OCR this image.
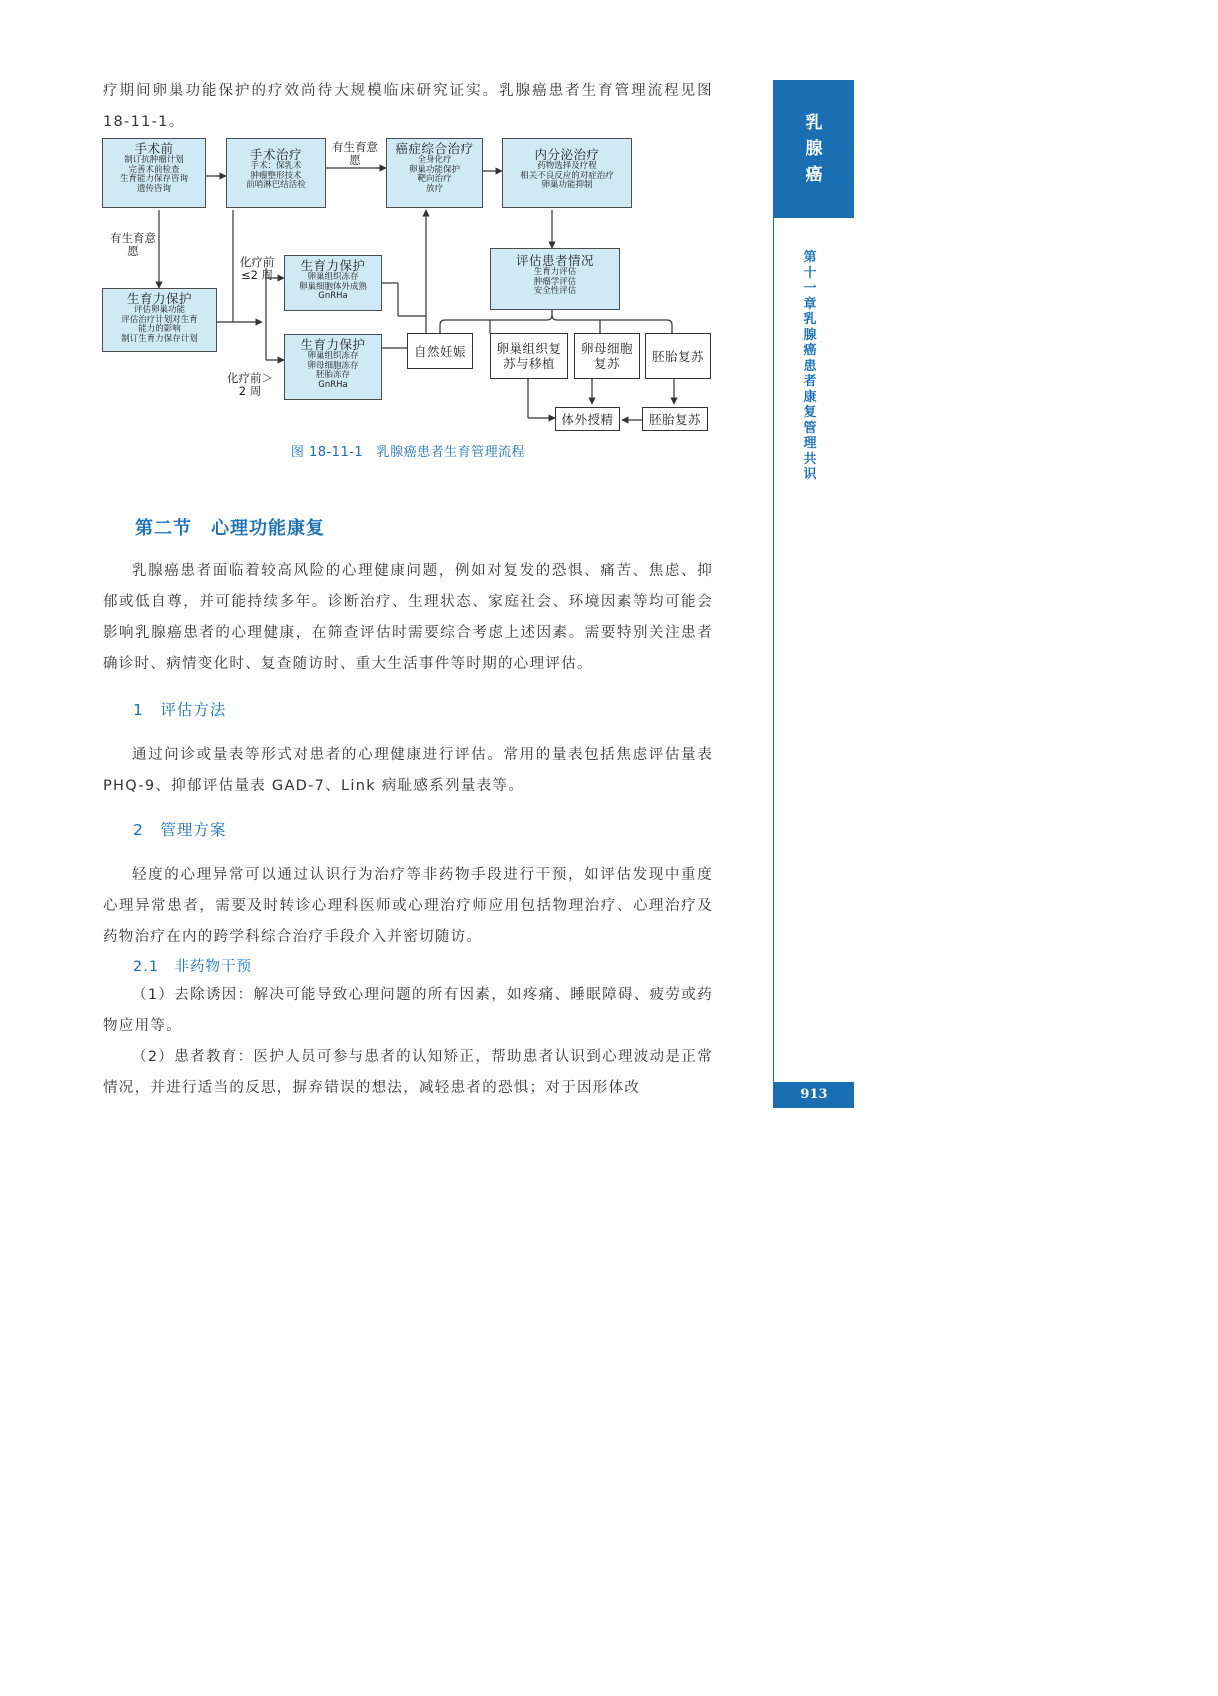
疗期间卵巢功能保护的疗效尚待大规模临床研究证实。乳腺癌患者生育管理流程见图 18-11-1。

手术前
制订抗肿瘤计划
完善术前检查
生育能力保存咨询
遗传咨询
手术治疗
手术：保乳术
肿瘤整形技术
前哨淋巴结活检
有生育意愿
癌症综合治疗
全身化疗
卵巢功能保护
靶向治疗
放疗
内分泌治疗
药物选择及疗程
相关不良反应的对症治疗
卵巢功能抑制
有生育意愿
生育力保护
评估卵巢功能
评估治疗计划对生育
能力的影响
制订生育力保存计划
化疗前≤2 周
生育力保护
卵巢组织冻存
卵巢细胞体外成熟
GnRHa
生育力保护
卵巢组织冻存
卵母细胞冻存
胚胎冻存
GnRHa
化疗前＞2 周
评估患者情况
生育力评估
肿瘤学评估
安全性评估
自然妊娠	卵巢组织复苏与移植
卵母细胞复苏	胚胎复苏
体外授精	胚胎复苏
图 18-11-1　乳腺癌患者生育管理流程
第二节　心理功能康复

乳腺癌患者面临着较高风险的心理健康问题，例如对复发的恐惧、痛苦、焦虑、抑郁或低自尊，并可能持续多年。诊断治疗、生理状态、家庭社会、环境因素等均可能会影响乳腺癌患者的心理健康，在筛查评估时需要综合考虑上述因素。需要特别关注患者确诊时、病情变化时、复查随访时、重大生活事件等时期的心理评估。

1　评估方法

通过问诊或量表等形式对患者的心理健康进行评估。常用的量表包括焦虑评估量表 PHQ-9、抑郁评估量表 GAD-7、Link 病耻感系列量表等。

2　管理方案

轻度的心理异常可以通过认识行为治疗等非药物手段进行干预，如评估发现中重度心理异常患者，需要及时转诊心理科医师或心理治疗师应用包括物理治疗、心理治疗及药物治疗在内的跨学科综合治疗手段介入并密切随访。

2.1　非药物干预

（1）去除诱因：解决可能导致心理问题的所有因素，如疼痛、睡眠障碍、疲劳或药物应用等。

（2）患者教育：医护人员可参与患者的认知矫正，帮助患者认识到心理波动是正常情况，并进行适当的反思，摒弃错误的想法，减轻患者的恐惧；对于因形体改

乳
腺
癌
第十一章　乳腺癌患者康复管理共识
913
